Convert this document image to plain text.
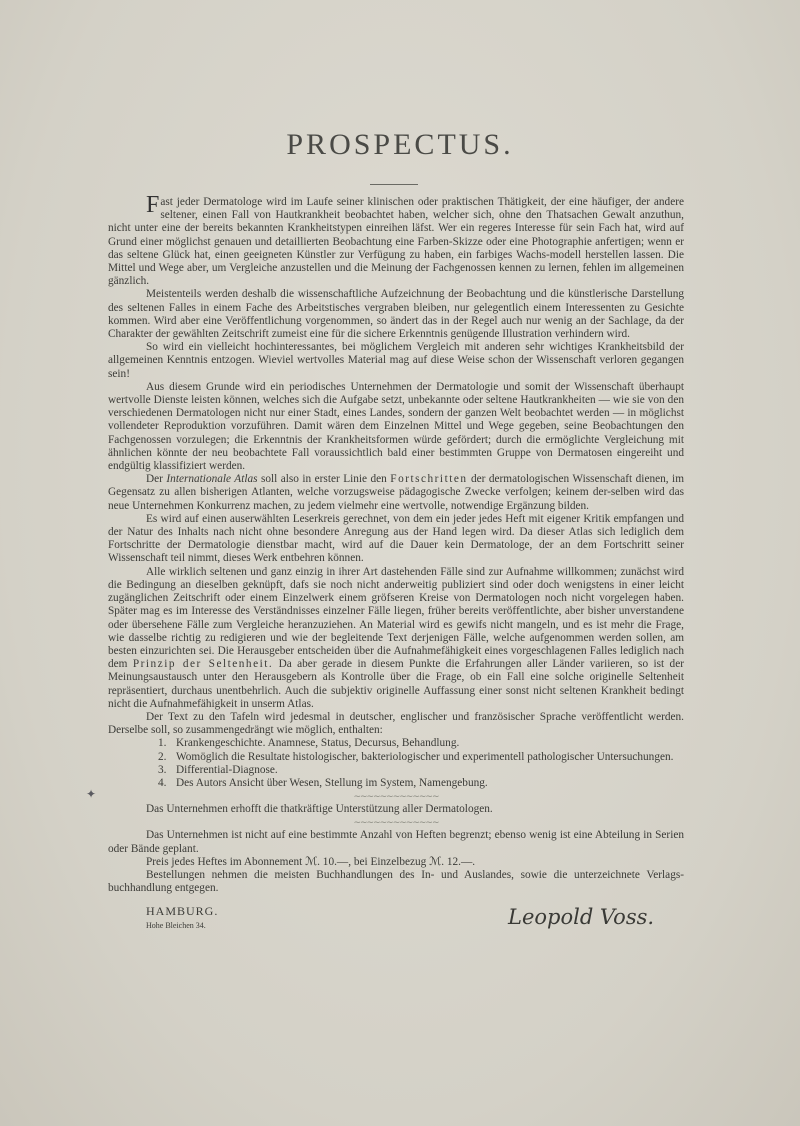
PROSPECTUS.
✦

Fast jeder Dermatologe wird im Laufe seiner klinischen oder praktischen Thätigkeit, der eine häufiger, der andere seltener, einen Fall von Hautkrankheit beobachtet haben, welcher sich, ohne den Thatsachen Gewalt anzuthun, nicht unter eine der bereits bekannten Krankheitstypen einreihen läfst. Wer ein regeres Interesse für sein Fach hat, wird auf Grund einer möglichst genauen und detaillierten Beobachtung eine Farben-Skizze oder eine Photographie anfertigen; wenn er das seltene Glück hat, einen geeigneten Künstler zur Verfügung zu haben, ein farbiges Wachs-modell herstellen lassen. Die Mittel und Wege aber, um Vergleiche anzustellen und die Meinung der Fachgenossen kennen zu lernen, fehlen im allgemeinen gänzlich.

Meistenteils werden deshalb die wissenschaftliche Aufzeichnung der Beobachtung und die künstlerische Darstellung des seltenen Falles in einem Fache des Arbeitstisches vergraben bleiben, nur gelegentlich einem Interessenten zu Gesichte kommen. Wird aber eine Veröffentlichung vorgenommen, so ändert das in der Regel auch nur wenig an der Sachlage, da der Charakter der gewählten Zeitschrift zumeist eine für die sichere Erkenntnis genügende Illustration verhindern wird.

So wird ein vielleicht hochinteressantes, bei möglichem Vergleich mit anderen sehr wichtiges Krankheitsbild der allgemeinen Kenntnis entzogen. Wieviel wertvolles Material mag auf diese Weise schon der Wissenschaft verloren gegangen sein!

Aus diesem Grunde wird ein periodisches Unternehmen der Dermatologie und somit der Wissenschaft überhaupt wertvolle Dienste leisten können, welches sich die Aufgabe setzt, unbekannte oder seltene Hautkrankheiten — wie sie von den verschiedenen Dermatologen nicht nur einer Stadt, eines Landes, sondern der ganzen Welt beobachtet werden — in möglichst vollendeter Reproduktion vorzuführen. Damit wären dem Einzelnen Mittel und Wege gegeben, seine Beobachtungen den Fachgenossen vorzulegen; die Erkenntnis der Krankheitsformen würde gefördert; durch die ermöglichte Vergleichung mit ähnlichen könnte der neu beobachtete Fall voraussichtlich bald einer bestimmten Gruppe von Dermatosen eingereiht und endgültig klassifiziert werden.

Der Internationale Atlas soll also in erster Linie den Fortschritten der dermatologischen Wissenschaft dienen, im Gegensatz zu allen bisherigen Atlanten, welche vorzugsweise pädagogische Zwecke verfolgen; keinem der-selben wird das neue Unternehmen Konkurrenz machen, zu jedem vielmehr eine wertvolle, notwendige Ergänzung bilden.

Es wird auf einen auserwählten Leserkreis gerechnet, von dem ein jeder jedes Heft mit eigener Kritik empfangen und der Natur des Inhalts nach nicht ohne besondere Anregung aus der Hand legen wird. Da dieser Atlas sich lediglich dem Fortschritte der Dermatologie dienstbar macht, wird auf die Dauer kein Dermatologe, der an dem Fortschritt seiner Wissenschaft teil nimmt, dieses Werk entbehren können.

Alle wirklich seltenen und ganz einzig in ihrer Art dastehenden Fälle sind zur Aufnahme willkommen; zunächst wird die Bedingung an dieselben geknüpft, dafs sie noch nicht anderweitig publiziert sind oder doch wenigstens in einer leicht zugänglichen Zeitschrift oder einem Einzelwerk einem gröfseren Kreise von Dermatologen noch nicht vorgelegen haben. Später mag es im Interesse des Verständnisses einzelner Fälle liegen, früher bereits veröffentlichte, aber bisher unverstandene oder übersehene Fälle zum Vergleiche heranzuziehen. An Material wird es gewifs nicht mangeln, und es ist mehr die Frage, wie dasselbe richtig zu redigieren und wie der begleitende Text derjenigen Fälle, welche aufgenommen werden sollen, am besten einzurichten sei. Die Herausgeber entscheiden über die Aufnahmefähigkeit eines vorgeschlagenen Falles lediglich nach dem Prinzip der Seltenheit. Da aber gerade in diesem Punkte die Erfahrungen aller Länder variieren, so ist der Meinungsaustausch unter den Herausgebern als Kontrolle über die Frage, ob ein Fall eine solche originelle Seltenheit repräsentiert, durchaus unentbehrlich. Auch die subjektiv originelle Auffassung einer sonst nicht seltenen Krankheit bedingt nicht die Aufnahmefähigkeit in unserm Atlas.

Der Text zu den Tafeln wird jedesmal in deutscher, englischer und französischer Sprache veröffentlicht werden. Derselbe soll, so zusammengedrängt wie möglich, enthalten:

1. Krankengeschichte. Anamnese, Status, Decursus, Behandlung.
2. Womöglich die Resultate histologischer, bakteriologischer und experimentell pathologischer Untersuchungen.
3. Differential-Diagnose.
4. Des Autors Ansicht über Wesen, Stellung im System, Namengebung.
∼∼∼∼∼∼∼∼∼∼∼∼∼

Das Unternehmen erhofft die thatkräftige Unterstützung aller Dermatologen.

∼∼∼∼∼∼∼∼∼∼∼∼∼

Das Unternehmen ist nicht auf eine bestimmte Anzahl von Heften begrenzt; ebenso wenig ist eine Abteilung in Serien oder Bände geplant.

Preis jedes Heftes im Abonnement ℳ. 10.—, bei Einzelbezug ℳ. 12.—.

Bestellungen nehmen die meisten Buchhandlungen des In- und Auslandes, sowie die unterzeichnete Verlags-buchhandlung entgegen.

HAMBURG.
Hohe Bleichen 34.	Leopold Voss.
